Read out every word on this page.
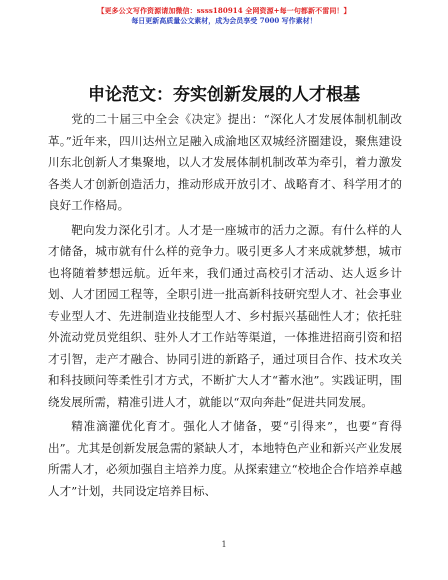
【更多公文写作资源请加微信：ssss180914 全网资源+每一句都新不雷同！】
每日更新高质量公文素材，成为会员享受 7000 写作素材！
申论范文：夯实创新发展的人才根基

党的二十届三中全会《决定》提出：“深化人才发展体制机制改革。”近年来，四川达州立足融入成渝地区双城经济圈建设，聚焦建设川东北创新人才集聚地，以人才发展体制机制改革为牵引，着力激发各类人才创新创造活力，推动形成开放引才、战略育才、科学用才的良好工作格局。

靶向发力深化引才。人才是一座城市的活力之源。有什么样的人才储备，城市就有什么样的竞争力。吸引更多人才来成就梦想，城市也将随着梦想远航。近年来，我们通过高校引才活动、达人返乡计划、人才团园工程等，全职引进一批高新科技研究型人才、社会事业专业型人才、先进制造业技能型人才、乡村振兴基础性人才；依托驻外流动党员党组织、驻外人才工作站等渠道，一体推进招商引资和招才引智，走产才融合、协同引进的新路子，通过项目合作、技术攻关和科技顾问等柔性引才方式，不断扩大人才“蓄水池”。实践证明，围绕发展所需，精准引进人才，就能以“双向奔赴”促进共同发展。

精准滴灌优化育才。强化人才储备，要“引得来”，也要“育得出”。尤其是创新发展急需的紧缺人才，本地特色产业和新兴产业发展所需人才，必须加强自主培养力度。从探索建立“校地企合作培养卓越人才”计划，共同设定培养目标、

1
